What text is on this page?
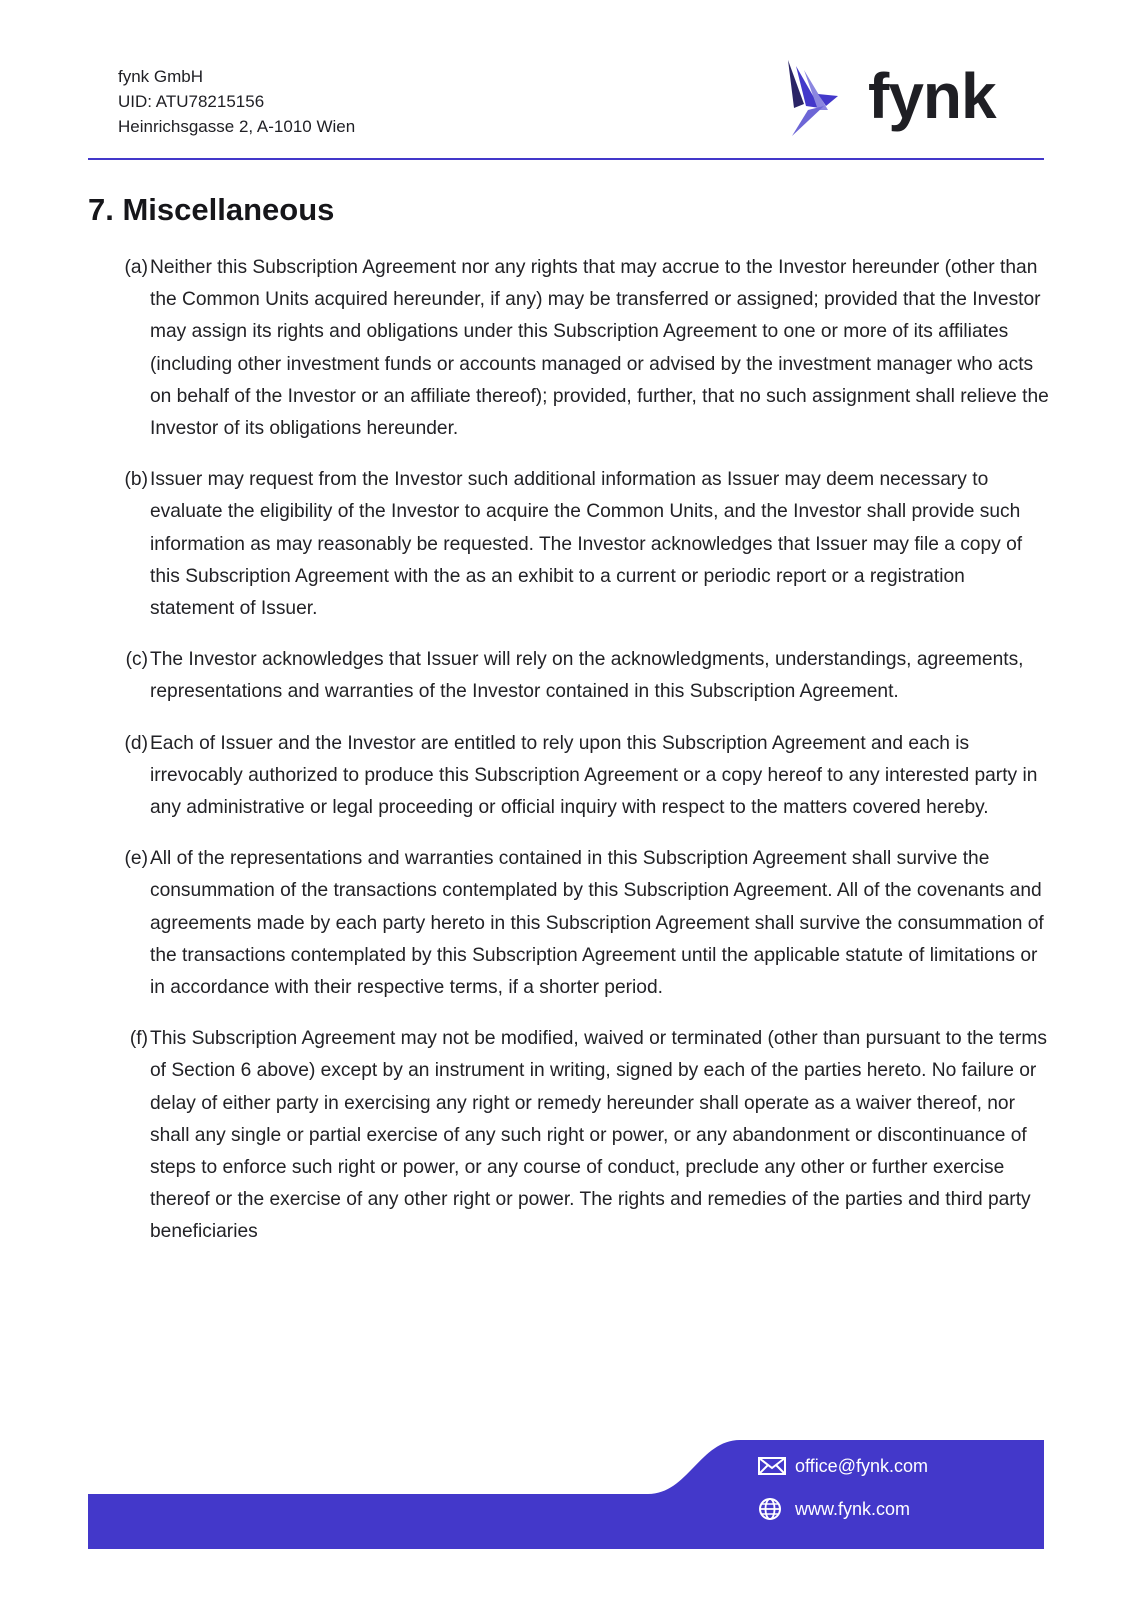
fynk GmbH
UID: ATU78215156
Heinrichsgasse 2, A-1010 Wien	fynk
7. Miscellaneous
(a) Neither this Subscription Agreement nor any rights that may accrue to the Investor hereunder (other than the Common Units acquired hereunder, if any) may be transferred or assigned; provided that the Investor may assign its rights and obligations under this Subscription Agreement to one or more of its affiliates (including other investment funds or accounts managed or advised by the investment manager who acts on behalf of the Investor or an affiliate thereof); provided, further, that no such assignment shall relieve the Investor of its obligations hereunder.
(b) Issuer may request from the Investor such additional information as Issuer may deem necessary to evaluate the eligibility of the Investor to acquire the Common Units, and the Investor shall provide such information as may reasonably be requested. The Investor acknowledges that Issuer may file a copy of this Subscription Agreement with the as an exhibit to a current or periodic report or a registration statement of Issuer.
(c) The Investor acknowledges that Issuer will rely on the acknowledgments, understandings, agreements, representations and warranties of the Investor contained in this Subscription Agreement.
(d) Each of Issuer and the Investor are entitled to rely upon this Subscription Agreement and each is irrevocably authorized to produce this Subscription Agreement or a copy hereof to any interested party in any administrative or legal proceeding or official inquiry with respect to the matters covered hereby.
(e) All of the representations and warranties contained in this Subscription Agreement shall survive the consummation of the transactions contemplated by this Subscription Agreement. All of the covenants and agreements made by each party hereto in this Subscription Agreement shall survive the consummation of the transactions contemplated by this Subscription Agreement until the applicable statute of limitations or in accordance with their respective terms, if a shorter period.
(f) This Subscription Agreement may not be modified, waived or terminated (other than pursuant to the terms of Section 6 above) except by an instrument in writing, signed by each of the parties hereto. No failure or delay of either party in exercising any right or remedy hereunder shall operate as a waiver thereof, nor shall any single or partial exercise of any such right or power, or any abandonment or discontinuance of steps to enforce such right or power, or any course of conduct, preclude any other or further exercise thereof or the exercise of any other right or power. The rights and remedies of the parties and third party beneficiaries
office@fynk.com
www.fynk.com
